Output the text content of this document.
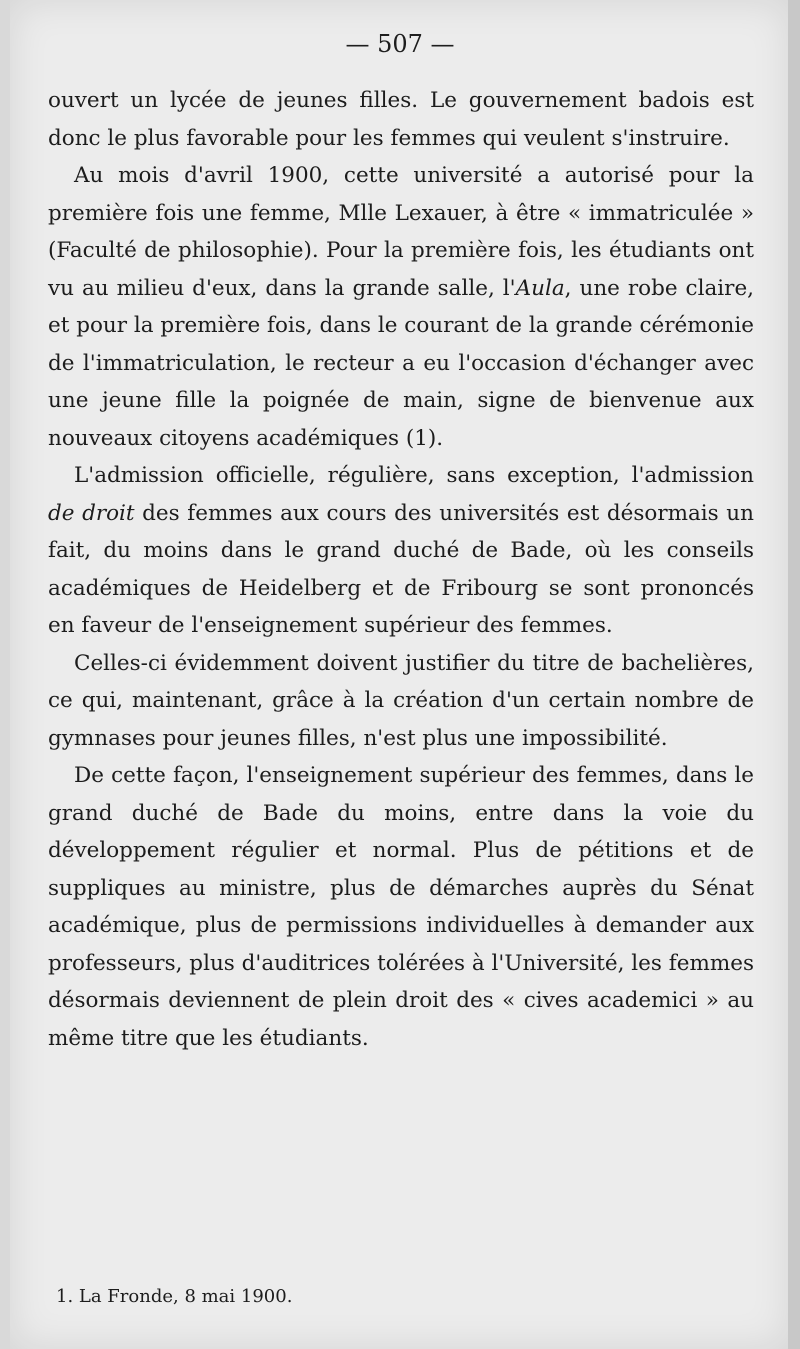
— 507 —

ouvert un lycée de jeunes filles. Le gouvernement badois est donc le plus favorable pour les femmes qui veulent s'instruire.

Au mois d'avril 1900, cette université a autorisé pour la première fois une femme, Mlle Lexauer, à être « immatriculée » (Faculté de philosophie). Pour la première fois, les étudiants ont vu au milieu d'eux, dans la grande salle, l'Aula, une robe claire, et pour la première fois, dans le courant de la grande cérémonie de l'immatriculation, le recteur a eu l'occasion d'échanger avec une jeune fille la poignée de main, signe de bienvenue aux nouveaux citoyens académiques (1).

L'admission officielle, régulière, sans exception, l'admission de droit des femmes aux cours des universités est désormais un fait, du moins dans le grand duché de Bade, où les conseils académiques de Heidelberg et de Fribourg se sont prononcés en faveur de l'enseignement supérieur des femmes.

Celles-ci évidemment doivent justifier du titre de bachelières, ce qui, maintenant, grâce à la création d'un certain nombre de gymnases pour jeunes filles, n'est plus une impossibilité.

De cette façon, l'enseignement supérieur des femmes, dans le grand duché de Bade du moins, entre dans la voie du développement régulier et normal. Plus de pétitions et de suppliques au ministre, plus de démarches auprès du Sénat académique, plus de permissions individuelles à demander aux professeurs, plus d'auditrices tolérées à l'Université, les femmes désormais deviennent de plein droit des « cives academici » au même titre que les étudiants.

1. La Fronde, 8 mai 1900.
